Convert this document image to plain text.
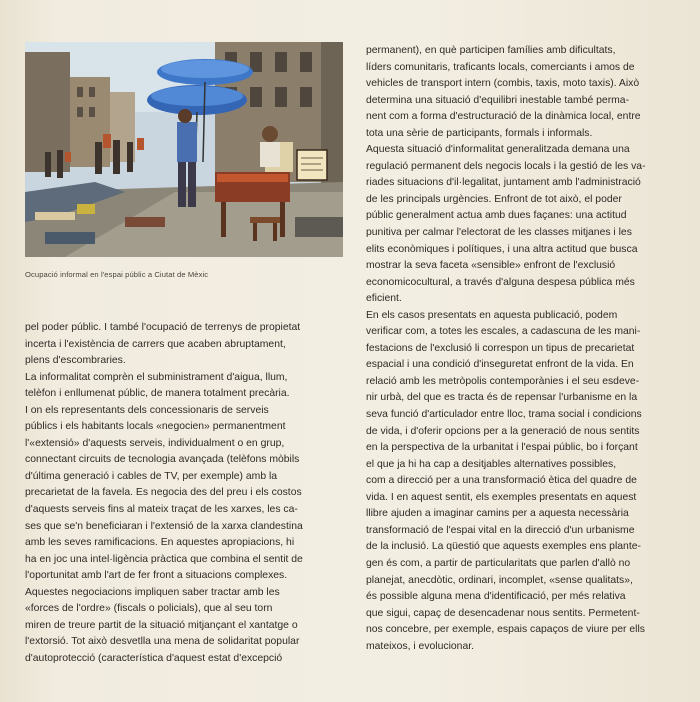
Ocupació informal en l'espai públic a Ciutat de Mèxic
pel poder públic. I també l'ocupació de terrenys de propietat
incerta i l'existència de carrers que acaben abruptament,
plens d'escombraries.
La informalitat comprèn el subministrament d'aigua, llum,
telèfon i enllumenat públic, de manera totalment precària.
I on els representants dels concessionaris de serveis
públics i els habitants locals «negocien» permanentment
l'«extensió» d'aquests serveis, individualment o en grup,
connectant circuits de tecnologia avançada (telèfons mòbils
d'última generació i cables de TV, per exemple) amb la
precarietat de la favela. Es negocia des del preu i els costos
d'aquests serveis fins al mateix traçat de les xarxes, les ca-
ses que se'n beneficiaran i l'extensió de la xarxa clandestina
amb les seves ramificacions. En aquestes apropiacions, hi
ha en joc una intel·ligència pràctica que combina el sentit de
l'oportunitat amb l'art de fer front a situacions complexes.
Aquestes negociacions impliquen saber tractar amb les
«forces de l'ordre» (fiscals o policials), que al seu torn
miren de treure partit de la situació mitjançant el xantatge o
l'extorsió. Tot això desvetlla una mena de solidaritat popular
d'autoprotecció (característica d'aquest estat d'excepció
permanent), en què participen famílies amb dificultats,
líders comunitaris, traficants locals, comerciants i amos de
vehicles de transport intern (combis, taxis, moto taxis). Això
determina una situació d'equilibri inestable també perma-
nent com a forma d'estructuració de la dinàmica local, entre
tota una sèrie de participants, formals i informals.
Aquesta situació d'informalitat generalitzada demana una
regulació permanent dels negocis locals i la gestió de les va-
riades situacions d'il·legalitat, juntament amb l'administració
de les principals urgències. Enfront de tot això, el poder
públic generalment actua amb dues façanes: una actitud
punitiva per calmar l'electorat de les classes mitjanes i les
elits econòmiques i polítiques, i una altra actitud que busca
mostrar la seva faceta «sensible» enfront de l'exclusió
economicocultural, a través d'alguna despesa pública més
eficient.
En els casos presentats en aquesta publicació, podem
verificar com, a totes les escales, a cadascuna de les mani-
festacions de l'exclusió li correspon un tipus de precarietat
espacial i una condició d'inseguretat enfront de la vida. En
relació amb les metròpolis contemporànies i el seu esdeve-
nir urbà, del que es tracta és de repensar l'urbanisme en la
seva funció d'articulador entre lloc, trama social i condicions
de vida, i d'oferir opcions per a la generació de nous sentits
en la perspectiva de la urbanitat i l'espai públic, bo i forçant
el que ja hi ha cap a desitjables alternatives possibles,
com a direcció per a una transformació ètica del quadre de
vida. I en aquest sentit, els exemples presentats en aquest
llibre ajuden a imaginar camins per a aquesta necessària
transformació de l'espai vital en la direcció d'un urbanisme
de la inclusió. La qüestió que aquests exemples ens plante-
gen és com, a partir de particularitats que parlen d'allò no
planejat, anecdòtic, ordinari, incomplet, «sense qualitats»,
és possible alguna mena d'identificació, per més relativa
que sigui, capaç de desencadenar nous sentits. Permetent-
nos concebre, per exemple, espais capaços de viure per ells
mateixos, i evolucionar.
